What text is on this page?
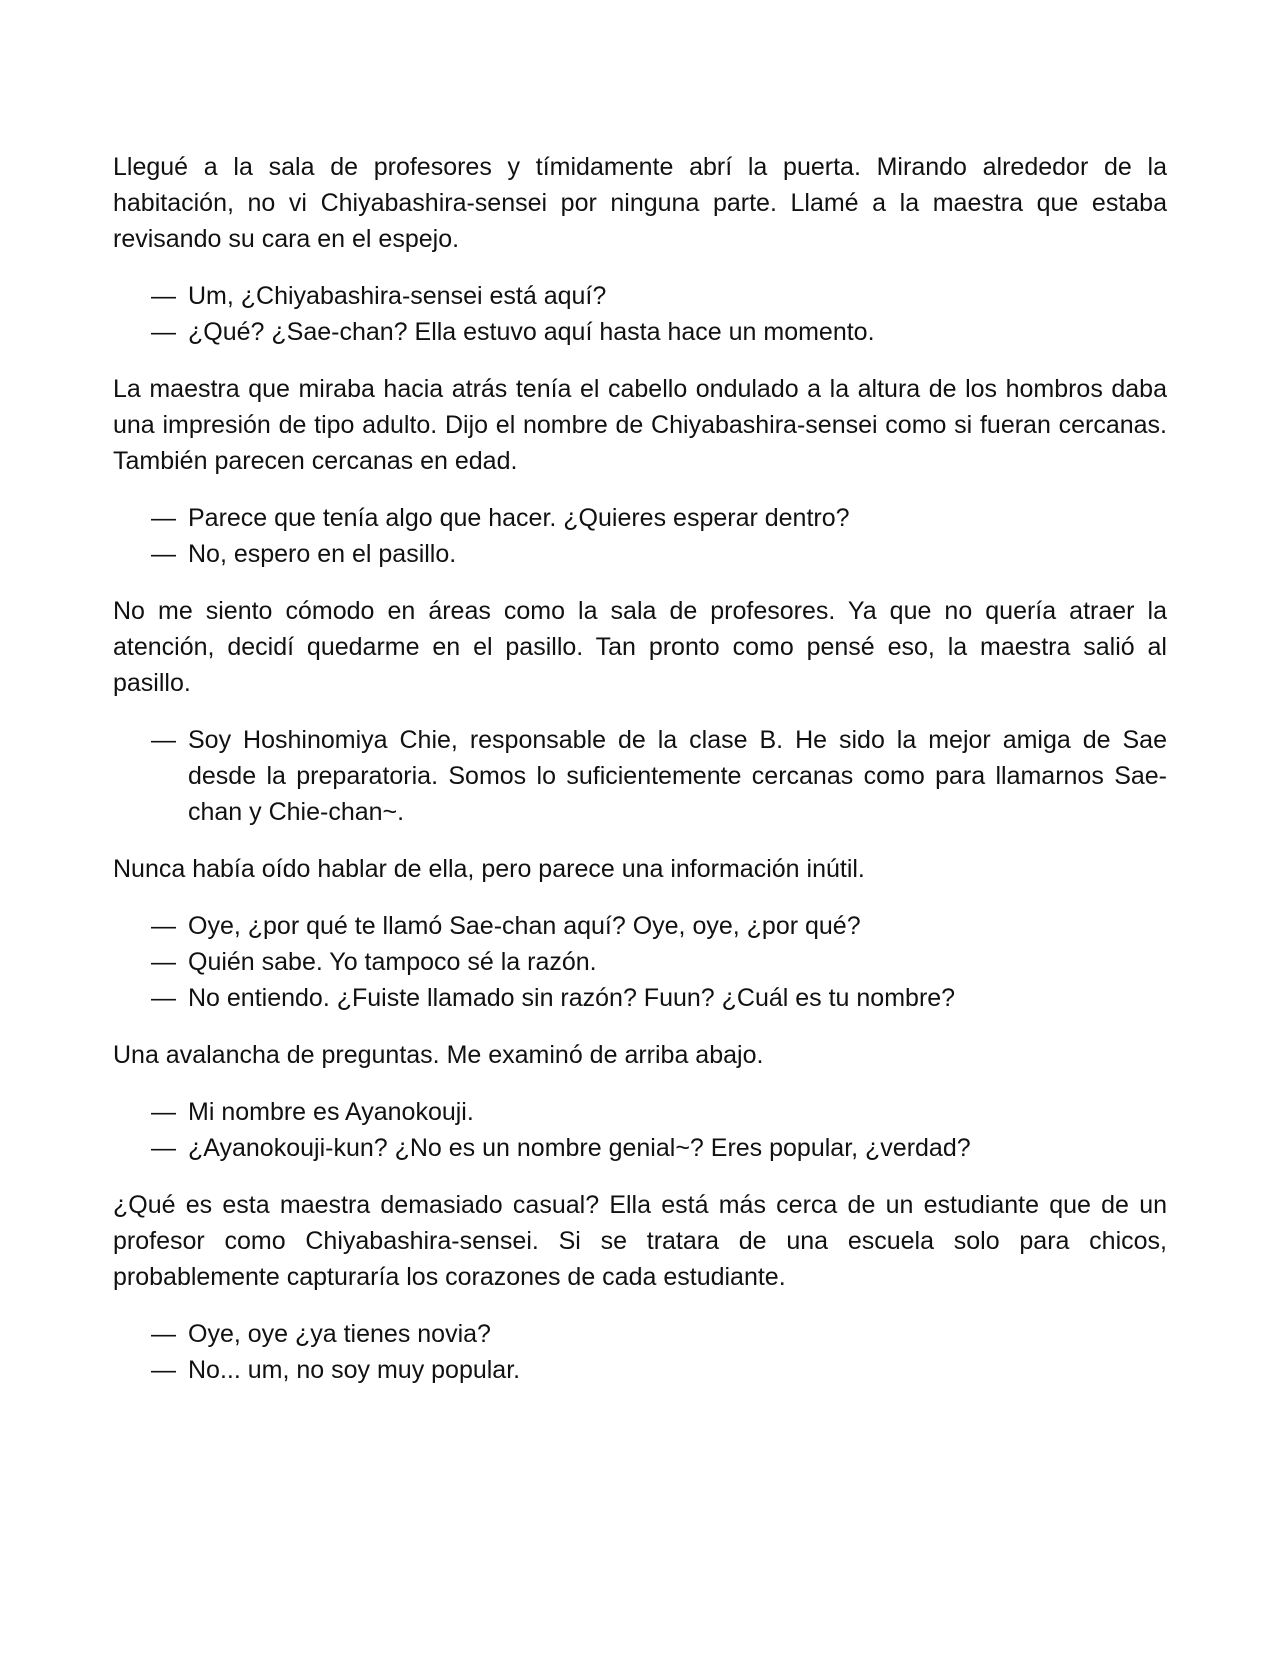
Llegué a la sala de profesores y tímidamente abrí la puerta. Mirando alrededor de la habitación, no vi Chiyabashira-sensei por ninguna parte. Llamé a la maestra que estaba revisando su cara en el espejo.

— Um, ¿Chiyabashira-sensei está aquí?
— ¿Qué? ¿Sae-chan? Ella estuvo aquí hasta hace un momento.

La maestra que miraba hacia atrás tenía el cabello ondulado a la altura de los hombros daba una impresión de tipo adulto. Dijo el nombre de Chiyabashira-sensei como si fueran cercanas. También parecen cercanas en edad.

— Parece que tenía algo que hacer. ¿Quieres esperar dentro?
— No, espero en el pasillo.

No me siento cómodo en áreas como la sala de profesores. Ya que no quería atraer la atención, decidí quedarme en el pasillo. Tan pronto como pensé eso, la maestra salió al pasillo.

— Soy Hoshinomiya Chie, responsable de la clase B. He sido la mejor amiga de Sae desde la preparatoria. Somos lo suficientemente cercanas como para llamarnos Sae-chan y Chie-chan~.

Nunca había oído hablar de ella, pero parece una información inútil.

— Oye, ¿por qué te llamó Sae-chan aquí? Oye, oye, ¿por qué?
— Quién sabe. Yo tampoco sé la razón.
— No entiendo. ¿Fuiste llamado sin razón? Fuun? ¿Cuál es tu nombre?

Una avalancha de preguntas. Me examinó de arriba abajo.

— Mi nombre es Ayanokouji.
— ¿Ayanokouji-kun? ¿No es un nombre genial~? Eres popular, ¿verdad?

¿Qué es esta maestra demasiado casual? Ella está más cerca de un estudiante que de un profesor como Chiyabashira-sensei. Si se tratara de una escuela solo para chicos, probablemente capturaría los corazones de cada estudiante.

— Oye, oye ¿ya tienes novia?
— No... um, no soy muy popular.
